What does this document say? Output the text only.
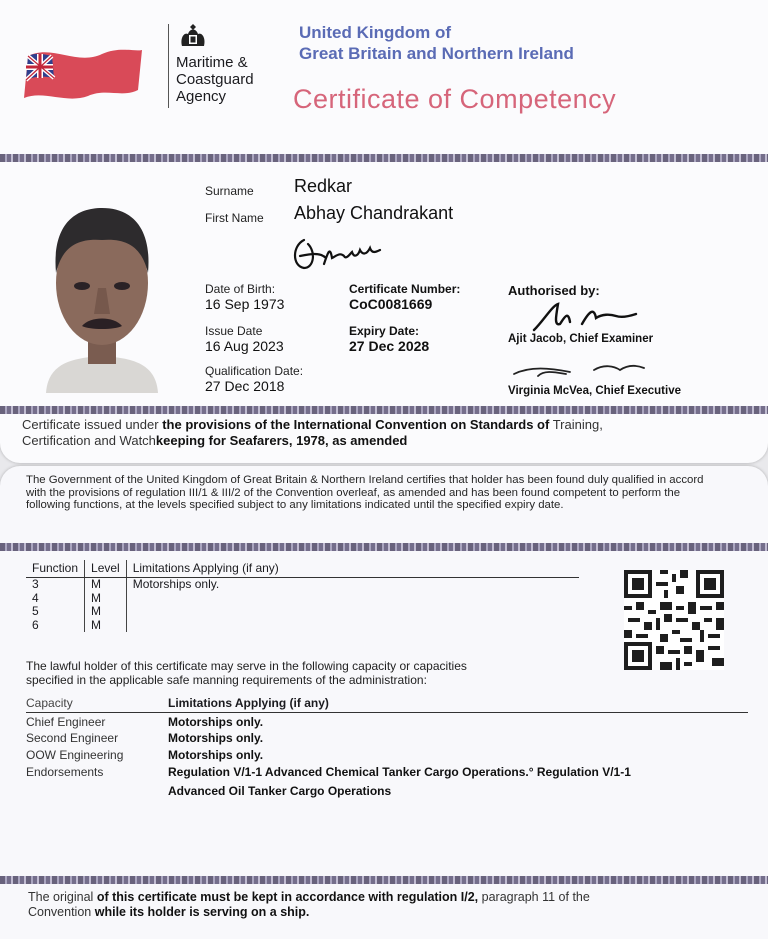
Maritime &
Coastguard
Agency
United Kingdom of
Great Britain and Northern Ireland
Certificate of Competency
Surname Redkar
First Name Abhay Chandrakant
Date of Birth:
16 Sep 1973
Issue Date
16 Aug 2023
Qualification Date:
27 Dec 2018
Certificate Number:
CoC0081669
Expiry Date:
27 Dec 2028
Authorised by:
Ajit Jacob, Chief Examiner
Virginia McVea, Chief Executive
Certificate issued under the provisions of the International Convention on Standards of Training,
Certification and Watchkeeping for Seafarers, 1978, as amended
The Government of the United Kingdom of Great Britain & Northern Ireland certifies that holder has been found duly qualified in accord with the provisions of regulation III/1 & III/2 of the Convention overleaf, as amended and has been found competent to perform the following functions, at the levels specified subject to any limitations indicated until the specified expiry date.
Function	Level	Limitations Applying (if any)
3	M	Motorships only.
4	M	
5	M	
6	M	
The lawful holder of this certificate may serve in the following capacity or capacities
specified in the applicable safe manning requirements of the administration:
Capacity	Limitations Applying (if any)
Chief Engineer	Motorships only.
Second Engineer	Motorships only.
OOW Engineering	Motorships only.
Endorsements	Regulation V/1-1 Advanced Chemical Tanker Cargo Operations.° Regulation V/1-1
Advanced Oil Tanker Cargo Operations
The original of this certificate must be kept in accordance with regulation I/2, paragraph 11 of the
Convention while its holder is serving on a ship.
